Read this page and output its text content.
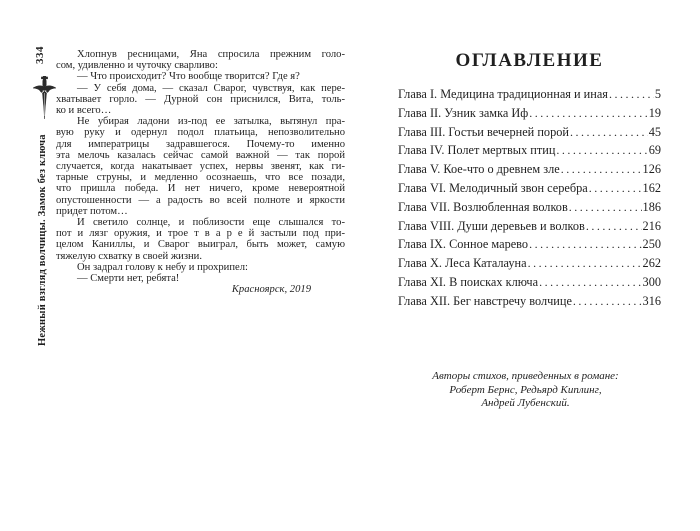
334
Нежный взгляд волчицы. Замок без ключа
Хлопнув ресницами, Яна спросила прежним голо-
сом, удивленно и чуточку сварливо:
— Что происходит? Что вообще творится? Где я?
— У себя дома, — сказал Сварог, чувствуя, как пере-
хватывает горло. — Дурной сон приснился, Вита, толь-
ко и всего…
Не убирая ладони из-под ее затылка, вытянул пра-
вую руку и одернул подол платьица, непозволительно
для императрицы задравшегося. Почему-то именно
эта мелочь казалась сейчас самой важной — так порой
случается, когда накатывает успех, нервы звенят, как ги-
тарные струны, и медленно осознаешь, что все позади,
что пришла победа. И нет ничего, кроме невероятной
опустошенности — а радость во всей полноте и яркости
придет потом…
И светило солнце, и поблизости еще слышался то-
пот и лязг оружия, и трое т в а р е й застыли под при-
целом Каниллы, и Сварог выиграл, быть может, самую
тяжелую схватку в своей жизни.
Он задрал голову к небу и прохрипел:
— Смерти нет, ребята!
Красноярск, 2019
ОГЛАВЛЕНИЕ
Глава I. Медицина традиционная и иная .....	5
Глава II. Узник замка Иф .....	19
Глава III. Гостьи вечерней порой .....	45
Глава IV. Полет мертвых птиц .....	69
Глава V. Кое-что о древнем зле .....	126
Глава VI. Мелодичный звон серебра .....	162
Глава VII. Возлюбленная волков .....	186
Глава VIII. Души деревьев и волков .....	216
Глава IX. Сонное марево .....	250
Глава X. Леса Каталауна .....	262
Глава XI. В поисках ключа .....	300
Глава XII. Бег навстречу волчице .....	316
Авторы стихов, приведенных в романе:
Роберт Бернс, Редьярд Киплинг,
Андрей Лубенский.
